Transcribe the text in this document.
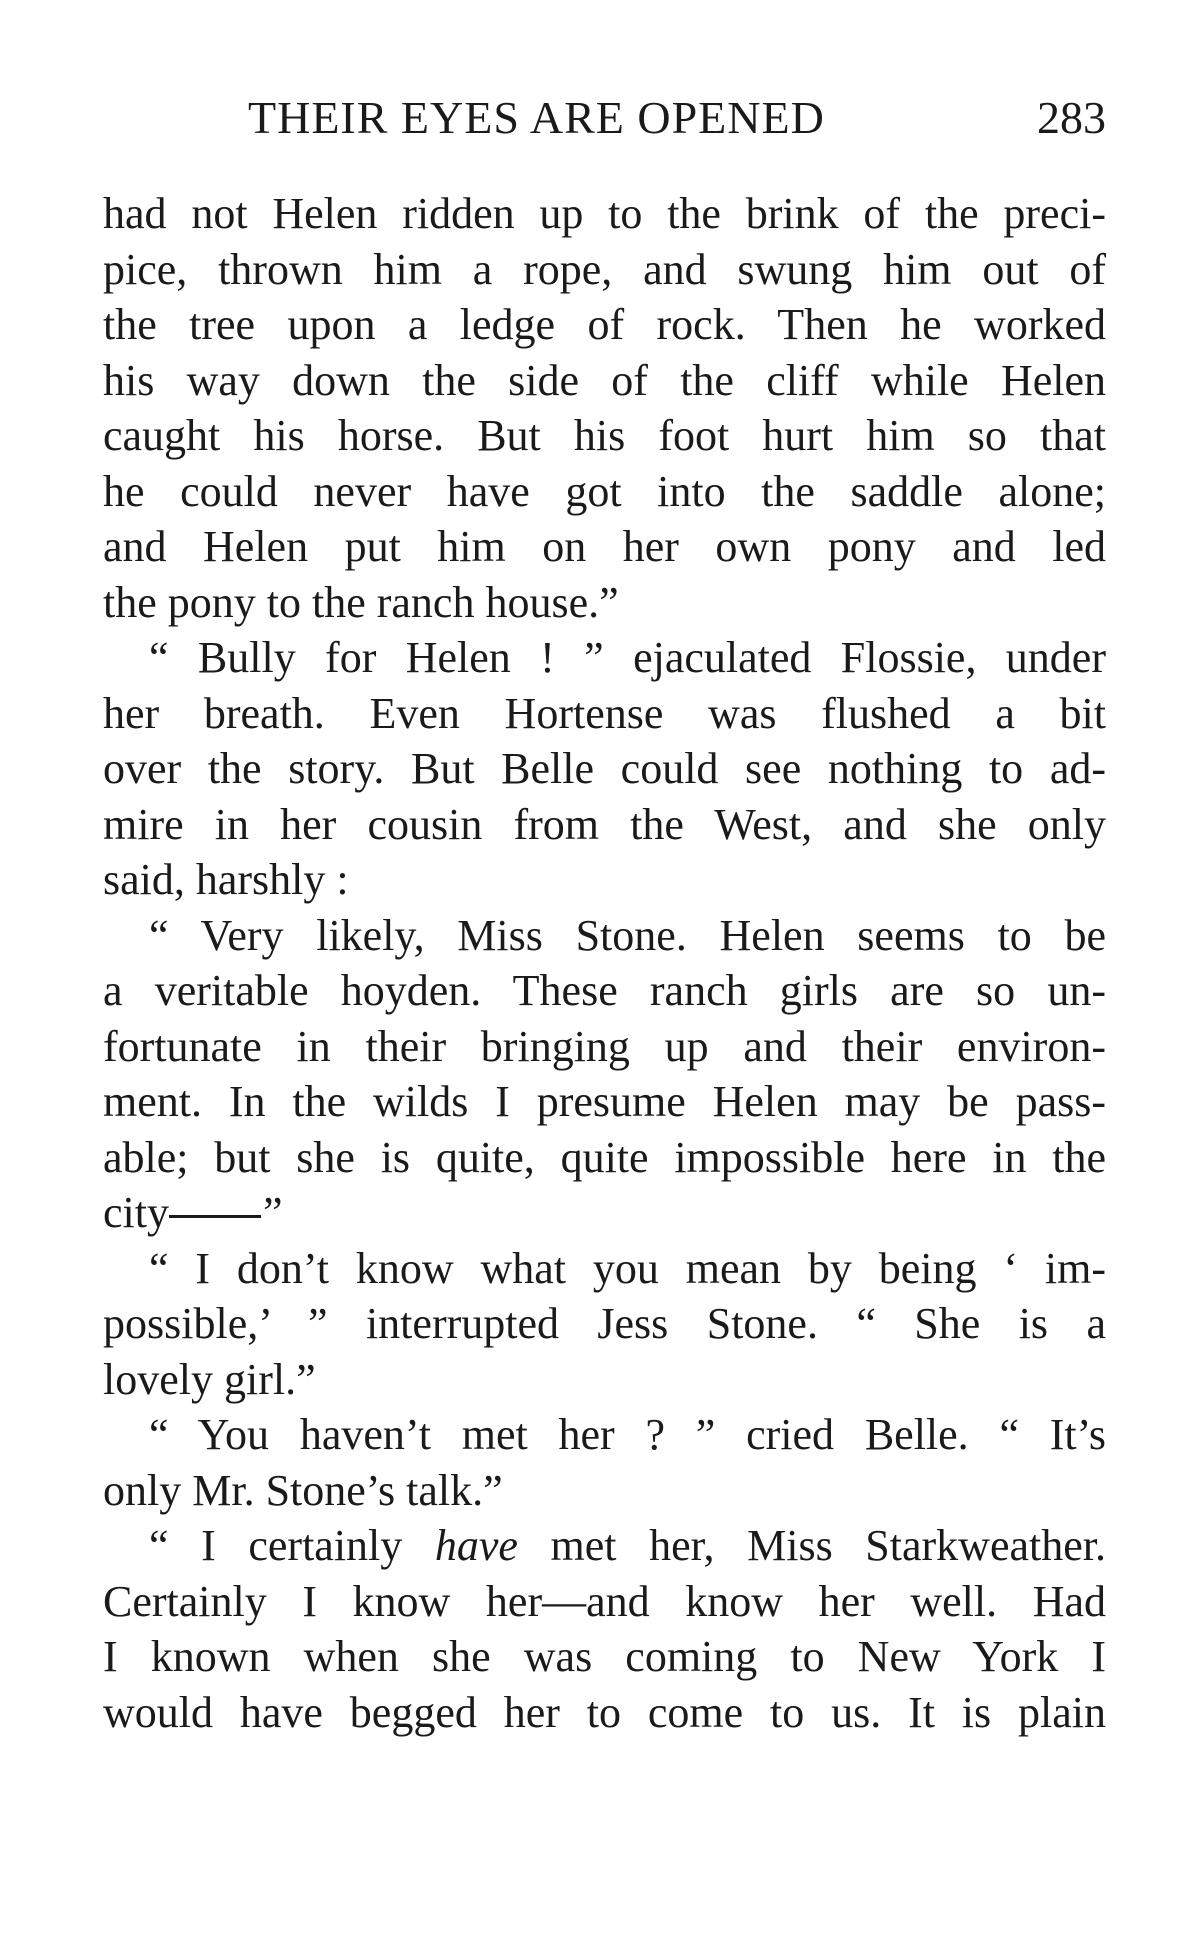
THEIR EYES ARE OPENED	283
had not Helen ridden up to the brink of the preci-
pice, thrown him a rope, and swung him out of
the tree upon a ledge of rock. Then he worked
his way down the side of the cliff while Helen
caught his horse. But his foot hurt him so that
he could never have got into the saddle alone;
and Helen put him on her own pony and led
the pony to the ranch house.”
“ Bully for Helen ! ” ejaculated Flossie, under
her breath. Even Hortense was flushed a bit
over the story. But Belle could see nothing to ad-
mire in her cousin from the West, and she only
said, harshly :
“ Very likely, Miss Stone. Helen seems to be
a veritable hoyden. These ranch girls are so un-
fortunate in their bringing up and their environ-
ment. In the wilds I presume Helen may be pass-
able; but she is quite, quite impossible here in the
city ”
“ I don’t know what you mean by being ‘ im-
possible,’ ” interrupted Jess Stone. “ She is a
lovely girl.”
“ You haven’t met her ? ” cried Belle. “ It’s
only Mr. Stone’s talk.”
“ I certainly have met her, Miss Starkweather.
Certainly I know her—and know her well. Had
I known when she was coming to New York I
would have begged her to come to us. It is plain
